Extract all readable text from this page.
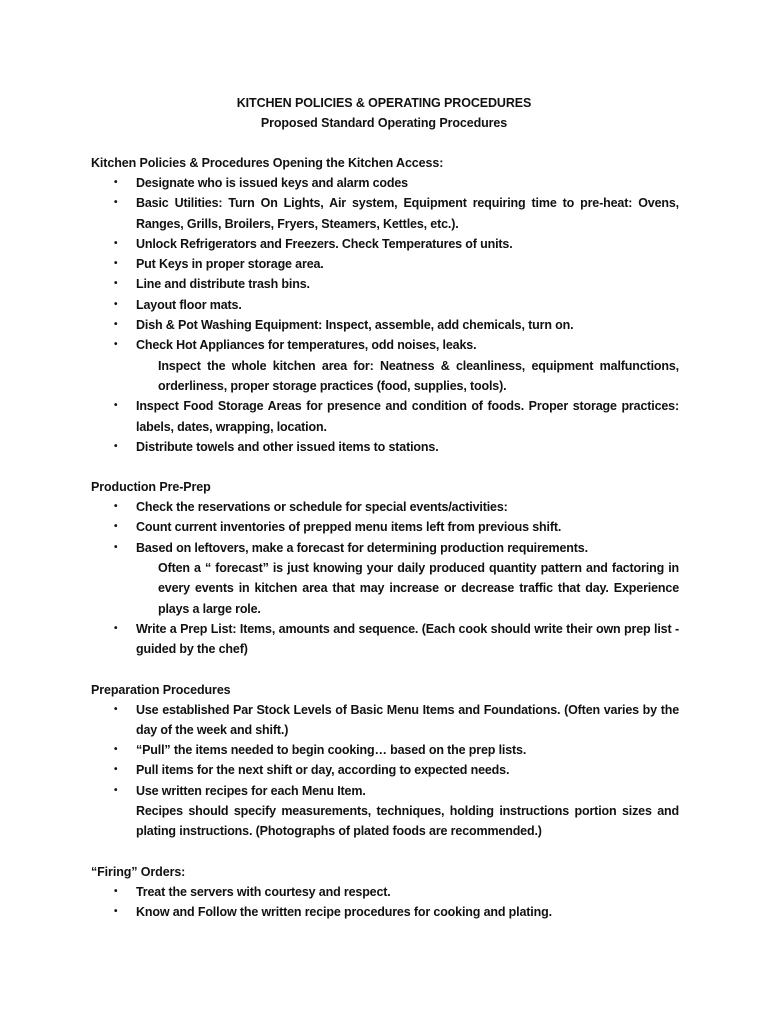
KITCHEN POLICIES & OPERATING PROCEDURES
Proposed Standard Operating Procedures
Kitchen Policies & Procedures Opening the Kitchen Access:
• Designate who is issued keys and alarm codes
• Basic Utilities: Turn On Lights, Air system, Equipment requiring time to pre-heat: Ovens, Ranges, Grills, Broilers, Fryers, Steamers, Kettles, etc.).
• Unlock Refrigerators and Freezers. Check Temperatures of units.
• Put Keys in proper storage area.
• Line and distribute trash bins.
• Layout floor mats.
• Dish & Pot Washing Equipment: Inspect, assemble, add chemicals, turn on.
• Check Hot Appliances for temperatures, odd noises, leaks.
Inspect the whole kitchen area for: Neatness & cleanliness, equipment malfunctions, orderliness, proper storage practices (food, supplies, tools).
• Inspect Food Storage Areas for presence and condition of foods. Proper storage practices: labels, dates, wrapping, location.
• Distribute towels and other issued items to stations.
Production Pre-Prep
• Check the reservations or schedule for special events/activities:
• Count current inventories of prepped menu items left from previous shift.
• Based on leftovers, make a forecast for determining production requirements.
Often a “ forecast” is just knowing your daily produced quantity pattern and factoring in every events in kitchen area that may increase or decrease traffic that day. Experience plays a large role.
• Write a Prep List: Items, amounts and sequence. (Each cook should write their own prep list - guided by the chef)
Preparation Procedures
• Use established Par Stock Levels of Basic Menu Items and Foundations. (Often varies by the day of the week and shift.)
• “Pull” the items needed to begin cooking… based on the prep lists.
• Pull items for the next shift or day, according to expected needs.
• Use written recipes for each Menu Item.
Recipes should specify measurements, techniques, holding instructions portion sizes and plating instructions. (Photographs of plated foods are recommended.)
“Firing” Orders:
• Treat the servers with courtesy and respect.
• Know and Follow the written recipe procedures for cooking and plating.
